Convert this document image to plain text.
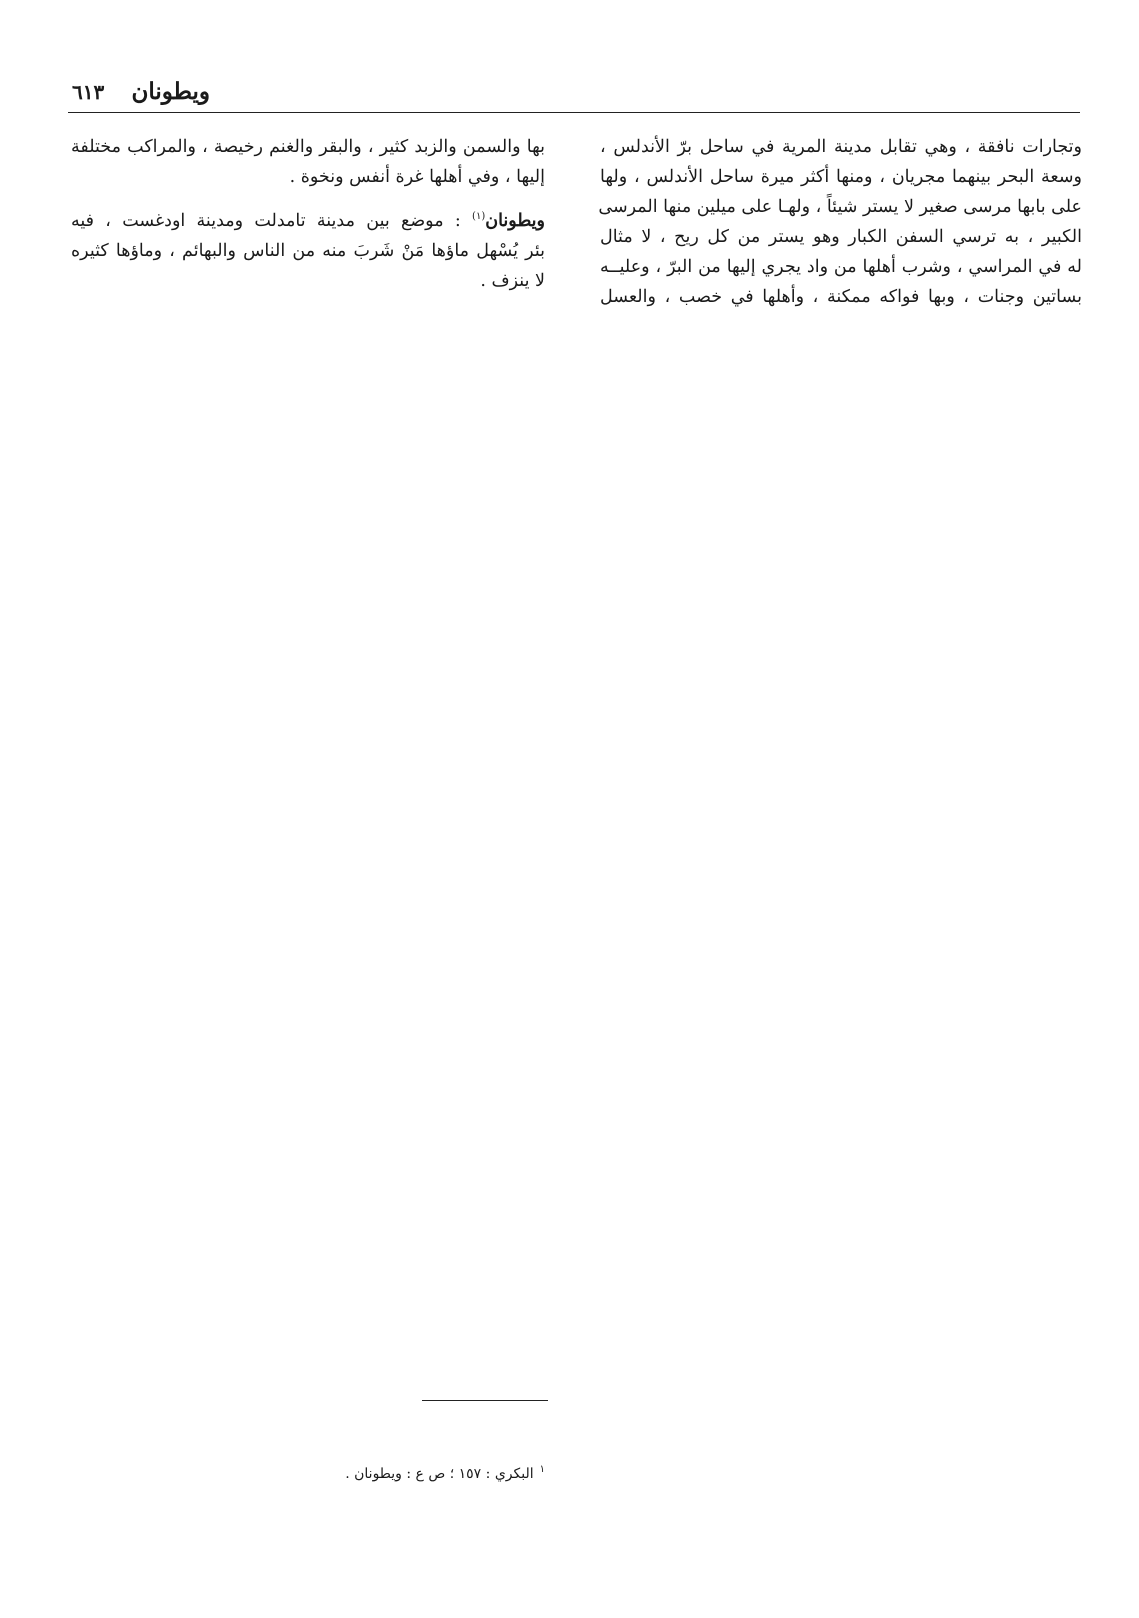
ويطونان
٦١٣
وتجارات نافقة ، وهي تقابل مدينة المرية في ساحل برّ الأندلس ،
وسعة البحر بينهما مجريان ، ومنها أكثر ميرة ساحل الأندلس ، ولها
على بابها مرسى صغير لا يستر شيئاً ، ولهـا على ميلين منها المرسى
الكبير ، به ترسي السفن الكبار وهو يستر من كل ريح ، لا مثال
له في المراسي ، وشرب أهلها من واد يجري إليها من البرّ ، وعليــه
بساتين وجنات ، وبها فواكه ممكنة ، وأهلها في خصب ، والعسل
بها والسمن والزبد كثير ، والبقر والغنم رخيصة ، والمراكب مختلفة
إليها ، وفي أهلها غرة أنفس ونخوة .
ويطونان$^{(١)}$ : موضع بين مدينة تامدلت ومدينة اودغست ، فيه
بئر يُسْهل ماؤها مَنْ شَربَ منه من الناس والبهائم ، وماؤها كثيره
لا ينزف .
$^١$البكري : ١٥٧ ؛ ص ع : ويطونان .
